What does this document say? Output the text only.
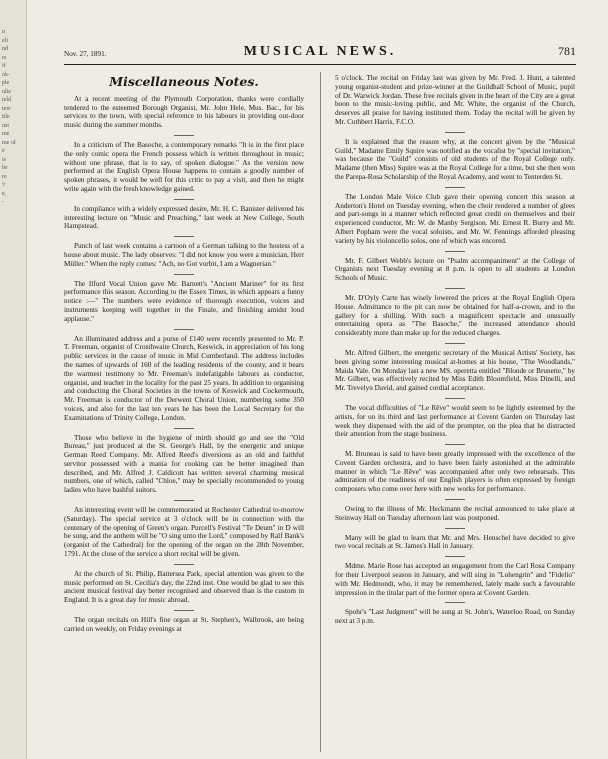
n
eli
nd
rs
if
ok-
ple
ulie
ield
iew
ttle
ust
me
me of
e
is
be
re
'r
e,
-
Nov. 27, 1891.	MUSICAL NEWS.	781
Miscellaneous Notes.

At a recent meeting of the Plymouth Corporation, thanks were cordially tendered to the esteemed Borough Organist, Mr. John Hele, Mus. Bac., for his services to the town, with special reference to his labours in providing out-door music during the summer months.

In a criticism of The Basoche, a contemporary remarks "It is in the first place the only comic opera the French possess which is written throughout in music; without one phrase, that is to say, of spoken dialogue." As the version now performed at the English Opera House happens to contain a goodly number of spoken phrases, it would be well for this critic to pay a visit, and then he might write again with the fresh knowledge gained.

In compliance with a widely expressed desire, Mr. H. C. Banister delivered his interesting lecture on "Music and Preaching," last week at New College, South Hampstead.

Punch of last week contains a cartoon of a German talking to the hostess of a house about music. The lady observes: "I did not know you were a musician, Herr Müller." When the reply comes: "Ach, no Got vorbit, I am a Wagnerian."

The Ilford Vocal Union gave Mr. Barnett's "Ancient Mariner" for its first performance this season. According to the Essex Times, in which appears a funny notice :—" The numbers were evidence of thorough execution, voices and instruments keeping well together in the Finale, and finishing amidst loud applause."

An illuminated address and a purse of £140 were recently presented to Mr. P. T. Freeman, organist of Crosthwaite Church, Keswick, in appreciation of his long public services in the cause of music in Mid Cumberland. The address includes the names of upwards of 160 of the leading residents of the county, and it bears the warmest testimony to Mr. Freeman's indefatigable labours as conductor, organist, and teacher in the locality for the past 25 years. In addition to organising and conducting the Choral Societies in the towns of Keswick and Cockermouth, Mr. Freeman is conductor of the Derwent Choral Union, numbering some 350 voices, and also for the last ten years he has been the Local Secretary for the Examinations of Trinity College, London.

Those who believe in the hygiene of mirth should go and see the "Old Bureau," just produced at the St. George's Hall, by the energetic and unique German Reed Company. Mr. Alfred Reed's diversions as an old and faithful servitor possessed with a mania for cooking can be better imagined than described, and Mr. Alfred J. Caldicott has written several charming musical numbers, one of which, called "Chloe," may be specially recommended to young ladies who have bashful suitors.

An interesting event will be commemorated at Rochester Cathedral to-morrow (Saturday). The special service at 3 o'clock will be in connection with the centenary of the opening of Green's organ. Purcell's Festival "Te Deum" in D will be sung, and the anthem will be "O sing unto the Lord," composed by Ralf Bank's (organist of the Cathedral) for the opening of the organ on the 28th November, 1791. At the close of the service a short recital will be given.

At the church of St. Philip, Battersea Park, special attention was given to the music performed on St. Cecilia's day, the 22nd inst. One would be glad to see this ancient musical festival day better recognised and observed than is the custom in England. It is a great day for music abroad.

The organ recitals on Hill's fine organ at St. Stephen's, Walbrook, are being carried on weekly, on Friday evenings at

5 o'clock. The recital on Friday last was given by Mr. Fred. J. Hunt, a talented young organist-student and prize-winner at the Guildhall School of Music, pupil of Dr. Warwick Jordan. These free recitals given in the heart of the City are a great boon to the music-loving public, and Mr. White, the organist of the Church, deserves all praise for having instituted them. Today the recital will be given by Mr. Cuthbert Harris, F.C.O.

It is explained that the reason why, at the concert given by the "Musical Guild," Madame Emily Squire was notified as the vocalist by "special invitation," was because the "Guild" consists of old students of the Royal College only. Madame (then Miss) Squire was at the Royal College for a time, but she then won the Parepa-Rosa Scholarship of the Royal Academy, and went to Tenterden St.

The London Male Voice Club gave their opening concert this season at Anderton's Hotel on Tuesday evening, when the choir rendered a number of glees and part-songs in a manner which reflected great credit on themselves and their experienced conductor, Mr. W. de Manby Sergison. Mr. Ernest R. Burry and Mr. Albert Popham were the vocal soloists, and Mr. W. Fennings afforded pleasing variety by his violoncello solos, one of which was encored.

Mr. F. Gilbert Webb's lecture on "Psalm accompaniment" at the College of Organists next Tuesday evening at 8 p.m. is open to all students at London Schools of Music.

Mr. D'Oyly Carte has wisely lowered the prices at the Royal English Opera House. Admittance to the pit can now be obtained for half-a-crown, and to the gallery for a shilling. With such a magnificent spectacle and unusually entertaining opera as "The Basoche," the increased attendance should considerably more than make up for the reduced charges.

Mr. Alfred Gilbert, the energetic secretary of the Musical Artists' Society, has been giving some interesting musical at-homes at his house, "The Woodlands," Maida Vale. On Monday last a new MS. operetta entitled "Blonde or Brunette," by Mr. Gilbert, was effectively recited by Miss Edith Bloomfield, Miss Dinelli, and Mr. Trevelyn David, and gained cordial acceptance.

The vocal difficulties of "Le Rêve" would seem to be lightly esteemed by the artists, for on its third and last performance at Covent Garden on Thursday last week they dispensed with the aid of the prompter, on the plea that he distracted their attention from the stage business.

M. Bruneau is said to have been greatly impressed with the excellence of the Covent Garden orchestra, and to have been fairly astonished at the admirable manner in which "Le Rêve" was accompanied after only two rehearsals. This admiration of the readiness of our English players is often expressed by foreign composers who come over here with new works for performance.

Owing to the illness of Mr. Heckmann the recital announced to take place at Steinway Hall on Tuesday afternoon last was postponed.

Many will be glad to learn that Mr. and Mrs. Henschel have decided to give two vocal recitals at St. James's Hall in January.

Mdme. Marie Rose has accepted an engagement from the Carl Rosa Company for their Liverpool season in January, and will sing in "Lohengrin" and "Fidelio" with Mr. Hedmondt, who, it may be remembered, lately made such a favourable impression in the titular part of the former opera at Covent Garden.

Spohr's "Last Judgment" will be sung at St. John's, Waterloo Road, on Sunday next at 3 p.m.
